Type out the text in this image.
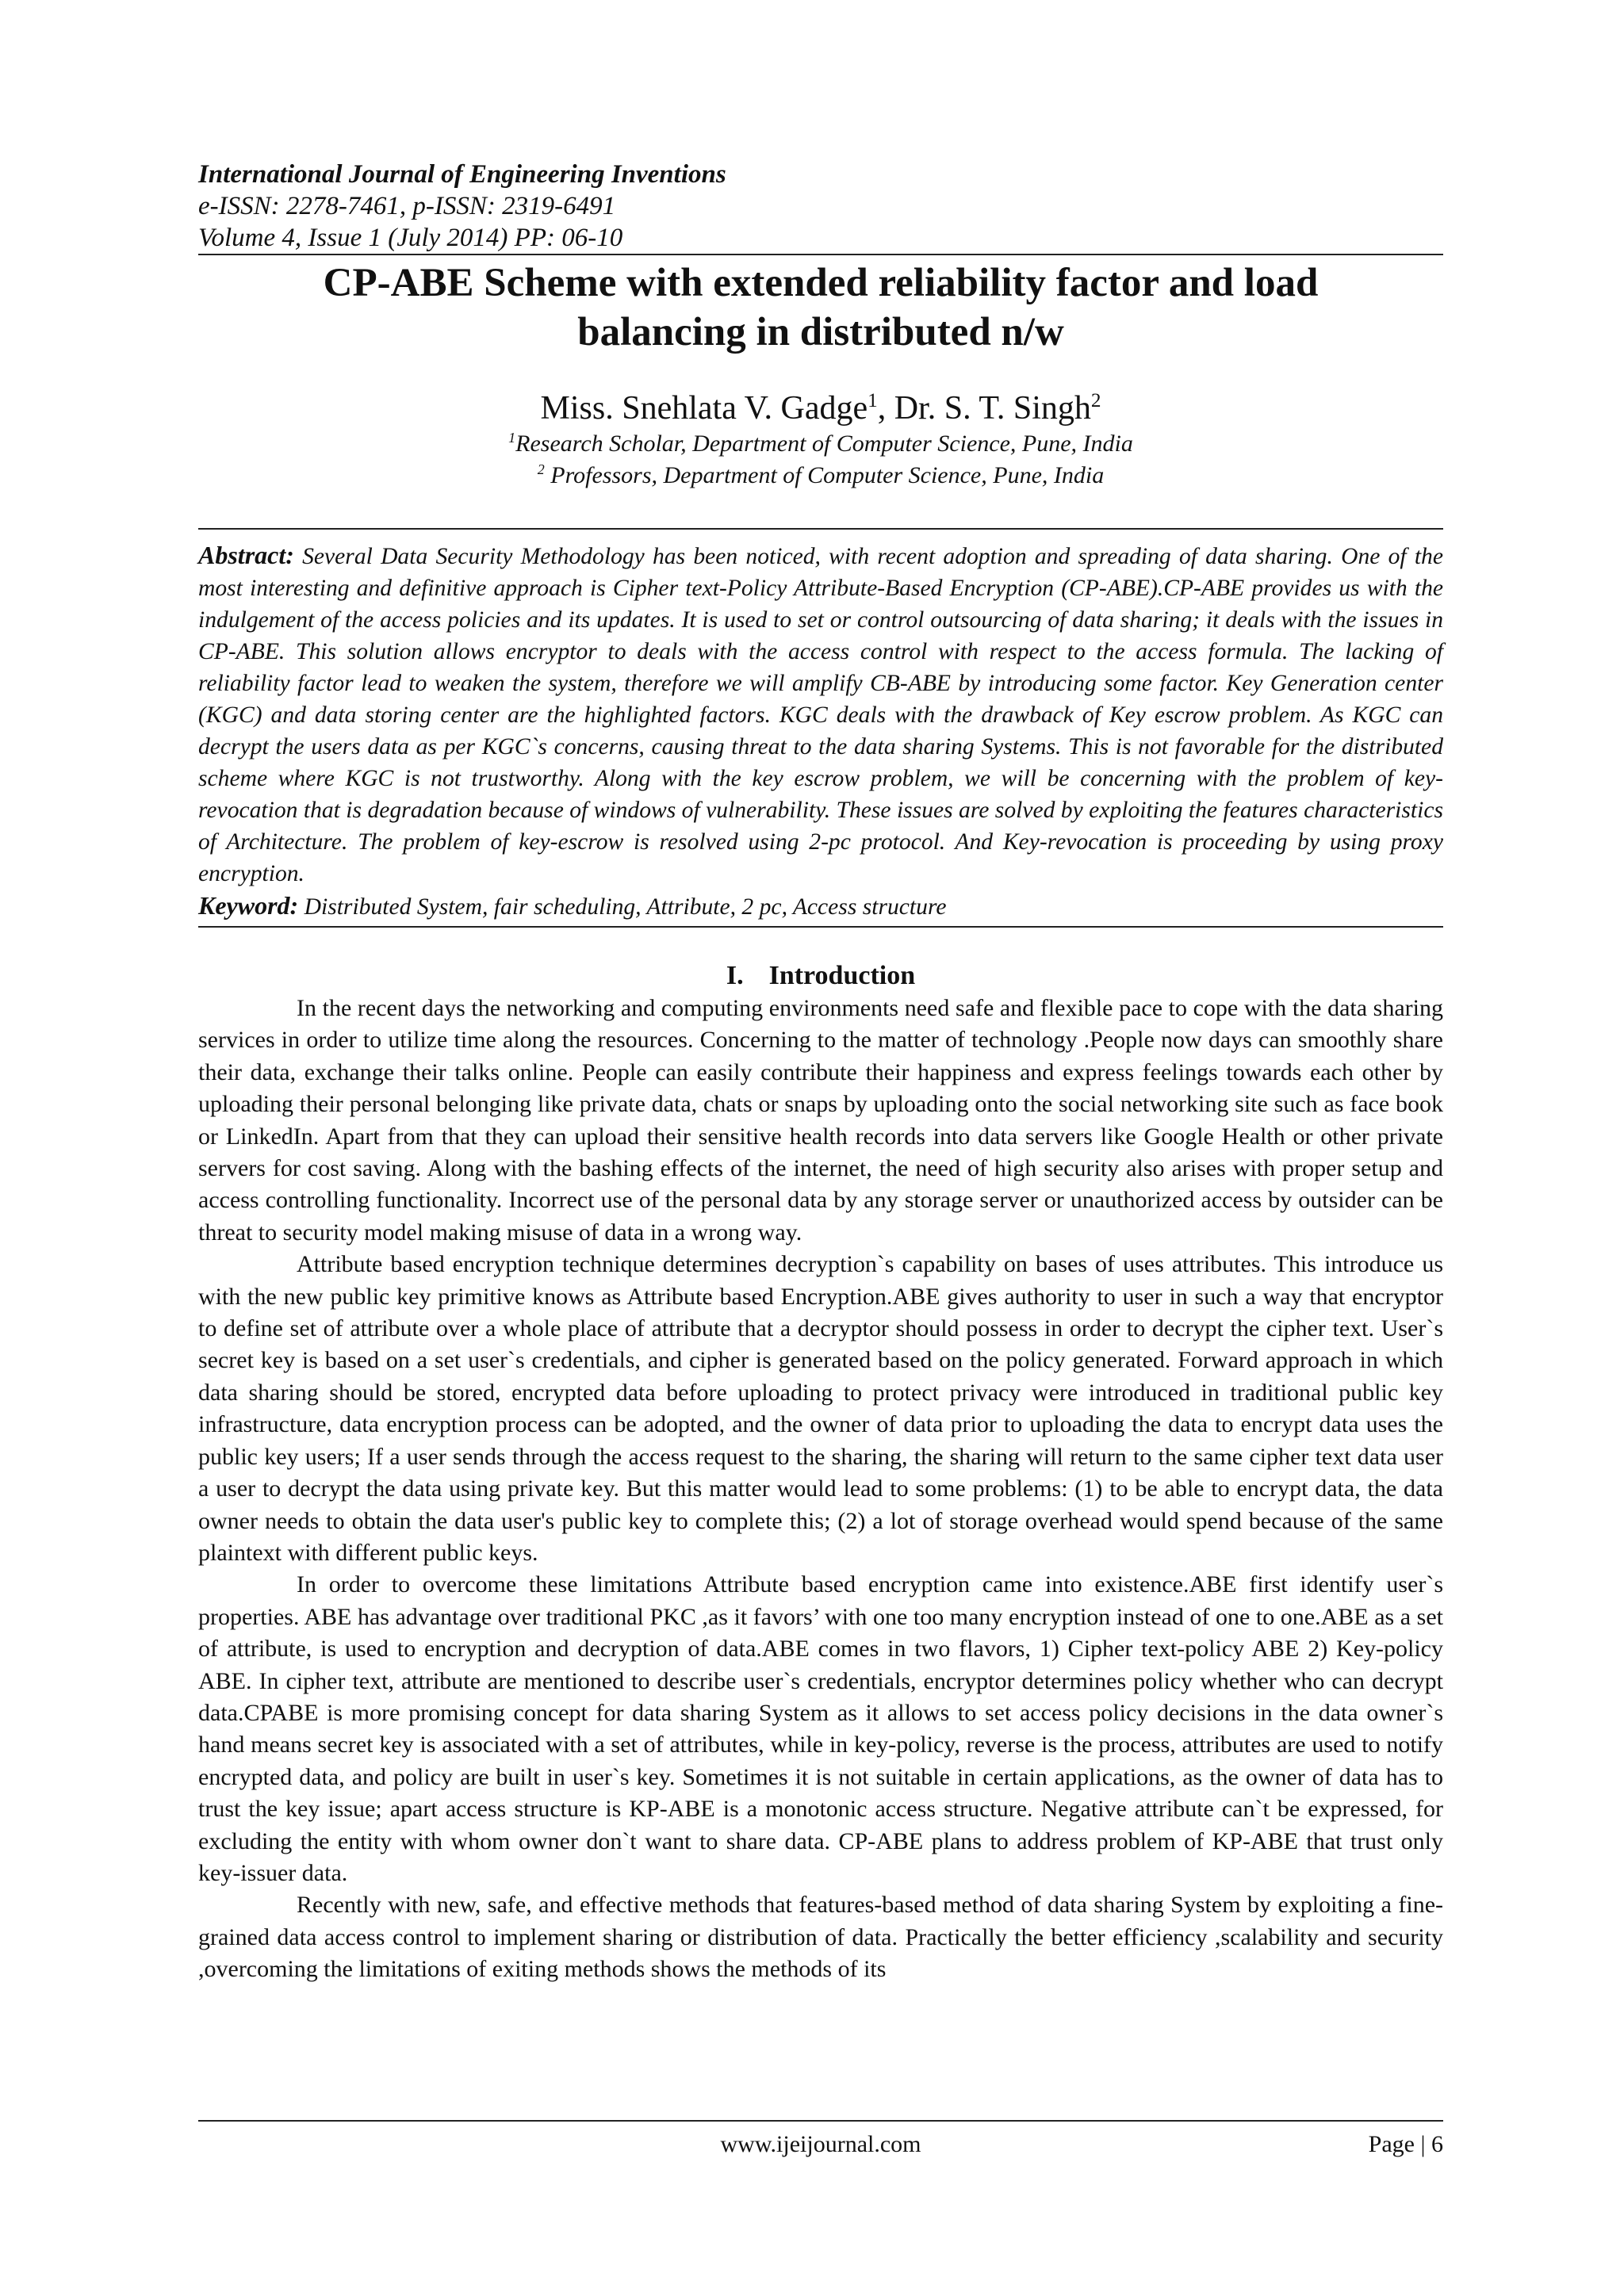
International Journal of Engineering Inventions
e-ISSN: 2278-7461, p-ISSN: 2319-6491
Volume 4, Issue 1 (July 2014) PP: 06-10
CP-ABE Scheme with extended reliability factor and load
balancing in distributed n/w
Miss. Snehlata V. Gadge$^1$, Dr. S. T. Singh$^2$
$^1$Research Scholar, Department of Computer Science, Pune, India
$^2$ Professors, Department of Computer Science, Pune, India
Abstract: Several Data Security Methodology has been noticed, with recent adoption and spreading of data sharing. One of the most interesting and definitive approach is Cipher text-Policy Attribute-Based Encryption (CP-ABE).CP-ABE provides us with the indulgement of the access policies and its updates. It is used to set or control outsourcing of data sharing; it deals with the issues in CP-ABE. This solution allows encryptor to deals with the access control with respect to the access formula. The lacking of reliability factor lead to weaken the system, therefore we will amplify CB-ABE by introducing some factor. Key Generation center (KGC) and data storing center are the highlighted factors. KGC deals with the drawback of Key escrow problem. As KGC can decrypt the users data as per KGC`s concerns, causing threat to the data sharing Systems. This is not favorable for the distributed scheme where KGC is not trustworthy. Along with the key escrow problem, we will be concerning with the problem of key-revocation that is degradation because of windows of vulnerability. These issues are solved by exploiting the features characteristics of Architecture. The problem of key-escrow is resolved using 2-pc protocol. And Key-revocation is proceeding by using proxy encryption.
Keyword: Distributed System, fair scheduling, Attribute, 2 pc, Access structure
I. Introduction

In the recent days the networking and computing environments need safe and flexible pace to cope with the data sharing services in order to utilize time along the resources. Concerning to the matter of technology .People now days can smoothly share their data, exchange their talks online. People can easily contribute their happiness and express feelings towards each other by uploading their personal belonging like private data, chats or snaps by uploading onto the social networking site such as face book or LinkedIn. Apart from that they can upload their sensitive health records into data servers like Google Health or other private servers for cost saving. Along with the bashing effects of the internet, the need of high security also arises with proper setup and access controlling functionality. Incorrect use of the personal data by any storage server or unauthorized access by outsider can be threat to security model making misuse of data in a wrong way.

Attribute based encryption technique determines decryption`s capability on bases of uses attributes. This introduce us with the new public key primitive knows as Attribute based Encryption.ABE gives authority to user in such a way that encryptor to define set of attribute over a whole place of attribute that a decryptor should possess in order to decrypt the cipher text. User`s secret key is based on a set user`s credentials, and cipher is generated based on the policy generated. Forward approach in which data sharing should be stored, encrypted data before uploading to protect privacy were introduced in traditional public key infrastructure, data encryption process can be adopted, and the owner of data prior to uploading the data to encrypt data uses the public key users; If a user sends through the access request to the sharing, the sharing will return to the same cipher text data user a user to decrypt the data using private key. But this matter would lead to some problems: (1) to be able to encrypt data, the data owner needs to obtain the data user's public key to complete this; (2) a lot of storage overhead would spend because of the same plaintext with different public keys.

In order to overcome these limitations Attribute based encryption came into existence.ABE first identify user`s properties. ABE has advantage over traditional PKC ,as it favors’ with one too many encryption instead of one to one.ABE as a set of attribute, is used to encryption and decryption of data.ABE comes in two flavors, 1) Cipher text-policy ABE 2) Key-policy ABE. In cipher text, attribute are mentioned to describe user`s credentials, encryptor determines policy whether who can decrypt data.CPABE is more promising concept for data sharing System as it allows to set access policy decisions in the data owner`s hand means secret key is associated with a set of attributes, while in key-policy, reverse is the process, attributes are used to notify encrypted data, and policy are built in user`s key. Sometimes it is not suitable in certain applications, as the owner of data has to trust the key issue; apart access structure is KP-ABE is a monotonic access structure. Negative attribute can`t be expressed, for excluding the entity with whom owner don`t want to share data. CP-ABE plans to address problem of KP-ABE that trust only key-issuer data.

Recently with new, safe, and effective methods that features-based method of data sharing System by exploiting a fine-grained data access control to implement sharing or distribution of data. Practically the better efficiency ,scalability and security ,overcoming the limitations of exiting methods shows the methods of its

www.ijeijournal.com	Page | 6
